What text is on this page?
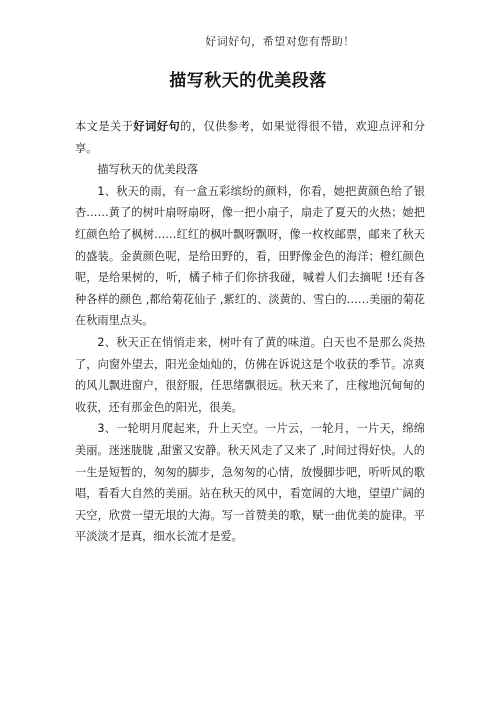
好词好句，希望对您有帮助！
描写秋天的优美段落

本文是关于好词好句的，仅供参考，如果觉得很不错，欢迎点评和分享。

描写秋天的优美段落

1、秋天的雨，有一盒五彩缤纷的颜料，你看，她把黄颜色给了银杏……黄了的树叶扇呀扇呀，像一把小扇子，扇走了夏天的火热；她把红颜色给了枫树……红红的枫叶飘呀飘呀，像一枚枚邮票，邮来了秋天的盛装。金黄颜色呢，是给田野的，看，田野像金色的海洋；橙红颜色呢，是给果树的，听，橘子柿子们你挤我碰，喊着人们去摘呢 !还有各种各样的颜色 ,都给菊花仙子 ,紫红的、淡黄的、雪白的……美丽的菊花在秋雨里点头。

2、秋天正在悄悄走来，树叶有了黄的味道。白天也不是那么炎热了，向窗外望去，阳光金灿灿的，仿佛在诉说这是个收获的季节。凉爽的风儿飘进窗户，很舒服，任思绪飘很远。秋天来了，庄稼地沉甸甸的收获，还有那金色的阳光，很美。

3、一轮明月爬起来，升上天空。一片云，一轮月，一片天，绵绵美丽。迷迷胧胧 ,甜蜜又安静。秋天风走了又来了 ,时间过得好快。人的一生是短暂的，匆匆的脚步，急匆匆的心情，放慢脚步吧，听听风的歌唱，看看大自然的美丽。站在秋天的风中，看宽阔的大地，望望广阔的天空，欣赏一望无垠的大海。写一首赞美的歌，赋一曲优美的旋律。平平淡淡才是真，细水长流才是爱。
